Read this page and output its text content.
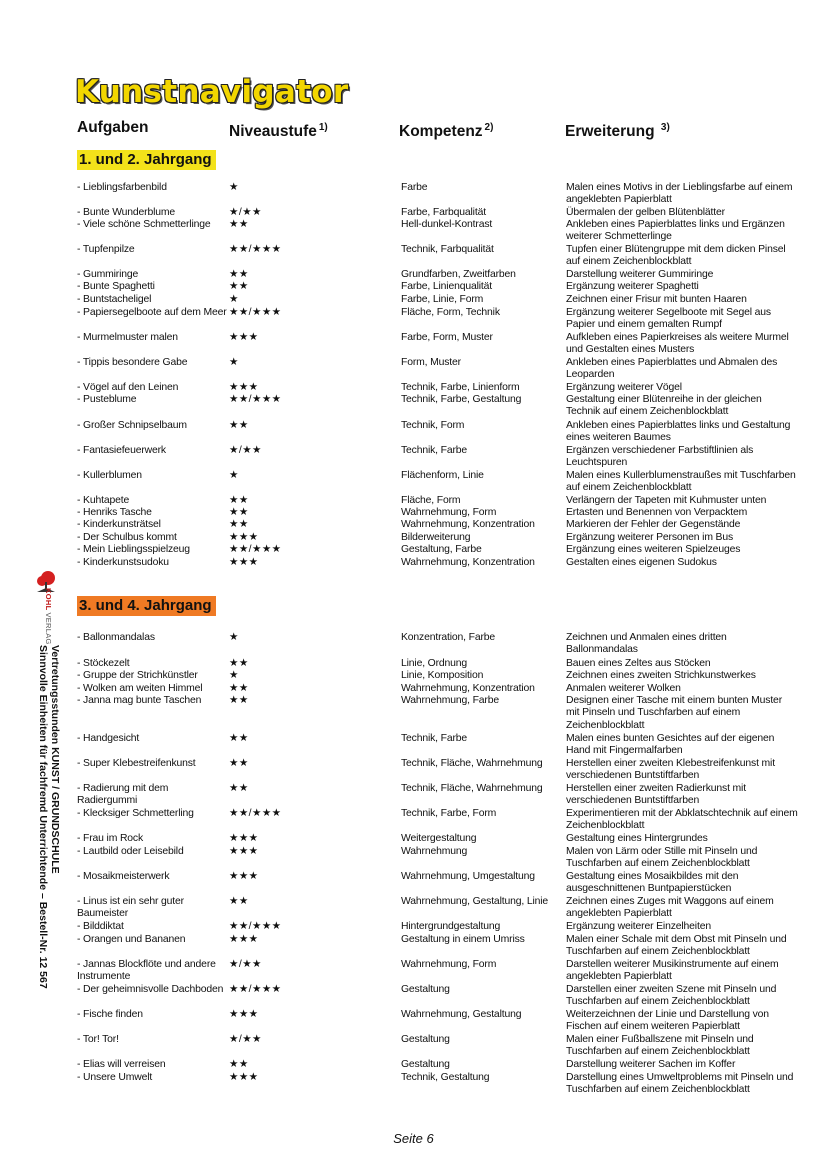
Kunstnavigator
Aufgaben	Niveaustufe $^{1)}$	Kompetenz $^{2)}$	Erweiterung $^{3)}$
1. und 2. Jahrgang
3. und 4. Jahrgang
- Lieblingsfarbenbild	★	Farbe	Malen eines Motivs in der Lieblingsfarbe auf einem angeklebten Papierblatt
- Bunte Wunderblume	★/★★	Farbe, Farbqualität	Übermalen der gelben Blütenblätter
- Viele schöne Schmetterlinge	★★	Hell-dunkel-Kontrast	Ankleben eines Papierblattes links und Ergänzen weiterer Schmetterlinge
- Tupfenpilze	★★/★★★	Technik, Farbqualität	Tupfen einer Blütengruppe mit dem dicken Pinsel auf einem Zeichenblockblatt
- Gummiringe	★★	Grundfarben, Zweitfarben	Darstellung weiterer Gummiringe
- Bunte Spaghetti	★★	Farbe, Linienqualität	Ergänzung weiterer Spaghetti
- Buntstacheligel	★	Farbe, Linie, Form	Zeichnen einer Frisur mit bunten Haaren
- Papiersegelboote auf dem Meer ★★/★★★	Fläche, Form, Technik	Ergänzung weiterer Segelboote mit Segel aus Papier und einem gemalten Rumpf
- Murmelmuster malen	★★★	Farbe, Form, Muster	Aufkleben eines Papierkreises als weitere Murmel und Gestalten eines Musters
- Tippis besondere Gabe	★	Form, Muster	Ankleben eines Papierblattes und Abmalen des Leoparden
- Vögel auf den Leinen	★★★	Technik, Farbe, Linienform	Ergänzung weiterer Vögel
- Pusteblume	★★/★★★	Technik, Farbe, Gestaltung	Gestaltung einer Blütenreihe in der gleichen Technik auf einem Zeichenblockblatt
- Großer Schnipselbaum	★★	Technik, Form	Ankleben eines Papierblattes links und Gestaltung eines weiteren Baumes
- Fantasiefeuerwerk	★/★★	Technik, Farbe	Ergänzen verschiedener Farbstiftlinien als Leuchtspuren
- Kullerblumen	★	Flächenform, Linie	Malen eines Kullerblumenstraußes mit Tuschfarben auf einem Zeichenblockblatt
- Kuhtapete	★★	Fläche, Form	Verlängern der Tapeten mit Kuhmuster unten
- Henriks Tasche	★★	Wahrnehmung, Form	Ertasten und Benennen von Verpacktem
- Kinderkunsträtsel	★★	Wahrnehmung, Konzentration	Markieren der Fehler der Gegenstände
- Der Schulbus kommt	★★★	Bilderweiterung	Ergänzung weiterer Personen im Bus
- Mein Lieblingsspielzeug	★★/★★★	Gestaltung, Farbe	Ergänzung eines weiteren Spielzeuges
- Kinderkunstsudoku	★★★	Wahrnehmung, Konzentration	Gestalten eines eigenen Sudokus
- Ballonmandalas	★	Konzentration, Farbe	Zeichnen und Anmalen eines dritten Ballonmandalas
- Stöckezelt	★★	Linie, Ordnung	Bauen eines Zeltes aus Stöcken
- Gruppe der Strichkünstler	★	Linie, Komposition	Zeichnen eines zweiten Strichkunstwerkes
- Wolken am weiten Himmel	★★	Wahrnehmung, Konzentration	Anmalen weiterer Wolken
- Janna mag bunte Taschen	★★	Wahrnehmung, Farbe	Designen einer Tasche mit einem bunten Muster mit Pinseln und Tuschfarben auf einem Zeichenblockblatt
- Handgesicht	★★	Technik, Farbe	Malen eines bunten Gesichtes auf der eigenen Hand mit Fingermalfarben
- Super Klebestreifenkunst	★★	Technik, Fläche, Wahrnehmung	Herstellen einer zweiten Klebestreifenkunst mit verschiedenen Buntstiftfarben
- Radierung mit dem Radiergummi
★★	Technik, Fläche, Wahrnehmung	Herstellen einer zweiten Radierkunst mit verschiedenen Buntstiftfarben
- Klecksiger Schmetterling	★★/★★★	Technik, Farbe, Form	Experimentieren mit der Abklatschtechnik auf einem Zeichenblockblatt
- Frau im Rock	★★★	Weitergestaltung	Gestaltung eines Hintergrundes
- Lautbild oder Leisebild	★★★	Wahrnehmung	Malen von Lärm oder Stille mit Pinseln und Tuschfarben auf einem Zeichenblockblatt
- Mosaikmeisterwerk	★★★	Wahrnehmung, Umgestaltung	Gestaltung eines Mosaikbildes mit den ausgeschnittenen Buntpapierstücken
- Linus ist ein sehr guter Baumeister
★★	Wahrnehmung, Gestaltung, Linie	Zeichnen eines Zuges mit Waggons auf einem angeklebten Papierblatt
- Bilddiktat	★★/★★★	Hintergrundgestaltung	Ergänzung weiterer Einzelheiten
- Orangen und Bananen	★★★	Gestaltung in einem Umriss	Malen einer Schale mit dem Obst mit Pinseln und Tuschfarben auf einem Zeichenblockblatt
- Jannas Blockflöte und andere Instrumente
★/★★	Wahrnehmung, Form	Darstellen weiterer Musikinstrumente auf einem angeklebten Papierblatt
- Der geheimnisvolle Dachboden ★★/★★★	Gestaltung	Darstellen einer zweiten Szene mit Pinseln und Tuschfarben auf einem Zeichenblockblatt
- Fische finden	★★★	Wahrnehmung, Gestaltung	Weiterzeichnen der Linie und Darstellung von Fischen auf einem weiteren Papierblatt
- Tor! Tor!	★/★★	Gestaltung	Malen einer Fußballszene mit Pinseln und Tuschfarben auf einem Zeichenblockblatt
- Elias will verreisen	★★	Gestaltung	Darstellung weiterer Sachen im Koffer
- Unsere Umwelt	★★★	Technik, Gestaltung	Darstellung eines Umweltproblems mit Pinseln und Tuschfarben auf einem Zeichenblockblatt
KOHLVERLAG
Vertretungsstunden KUNST / GRUNDSCHULE
Sinnvolle Einheiten für fachfremd Unterrichtende – Bestell-Nr. 12 567
Seite 6
